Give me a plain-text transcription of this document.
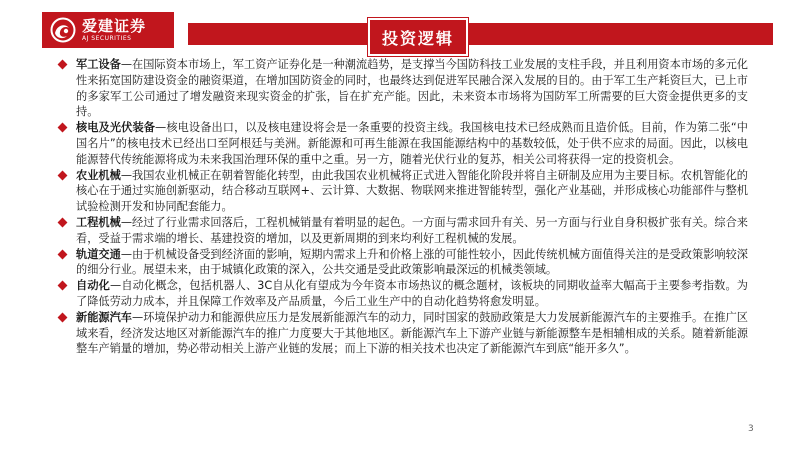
爱建证券
AJ SECURITIES	投资逻辑
军工设备—在国际资本市场上，军工资产证券化是一种潮流趋势，是支撑当今国防科技工业发展的支柱手段，并且利用资本市场的多元化性来拓宽国防建设资金的融资渠道，在增加国防资金的同时，也最终达到促进军民融合深入发展的目的。由于军工生产耗资巨大，已上市的多家军工公司通过了增发融资来现实资金的扩张，旨在扩充产能。因此，未来资本市场将为国防军工所需要的巨大资金提供更多的支持。
核电及光伏装备—核电设备出口，以及核电建设将会是一条重要的投资主线。我国核电技术已经成熟而且造价低。目前，作为第二张“中国名片”的核电技术已经出口至阿根廷与美洲。新能源和可再生能源在我国能源结构中的基数较低，处于供不应求的局面。因此，以核电能源替代传统能源将成为未来我国治理环保的重中之重。另一方，随着光伏行业的复苏，相关公司将获得一定的投资机会。
农业机械—我国农业机械正在朝着智能化转型，由此我国农业机械将正式进入智能化阶段并将自主研制及应用为主要目标。农机智能化的核心在于通过实施创新驱动，结合移动互联网+、云计算、大数据、物联网来推进智能转型，强化产业基础，并形成核心功能部件与整机试验检测开发和协同配套能力。
工程机械—经过了行业需求回落后，工程机械销量有着明显的起色。一方面与需求回升有关、另一方面与行业自身积极扩张有关。综合来看，受益于需求端的增长、基建投资的增加，以及更新周期的到来均利好工程机械的发展。
轨道交通—由于机械设备受到经济面的影响，短期内需求上升和价格上涨的可能性较小，因此传统机械方面值得关注的是受政策影响较深的细分行业。展望未来，由于城镇化政策的深入，公共交通是受此政策影响最深远的机械类领域。
自动化—自动化概念，包括机器人、3C自从化有望成为今年资本市场热议的概念题材，该板块的同期收益率大幅高于主要参考指数。为了降低劳动力成本，并且保障工作效率及产品质量，今后工业生产中的自动化趋势将愈发明显。
新能源汽车—环境保护动力和能源供应压力是发展新能源汽车的动力，同时国家的鼓励政策是大力发展新能源汽车的主要推手。在推广区域来看，经济发达地区对新能源汽车的推广力度要大于其他地区。新能源汽车上下游产业链与新能源整车是相辅相成的关系。随着新能源整车产销量的增加，势必带动相关上游产业链的发展；而上下游的相关技术也决定了新能源汽车到底“能开多久”。
3
